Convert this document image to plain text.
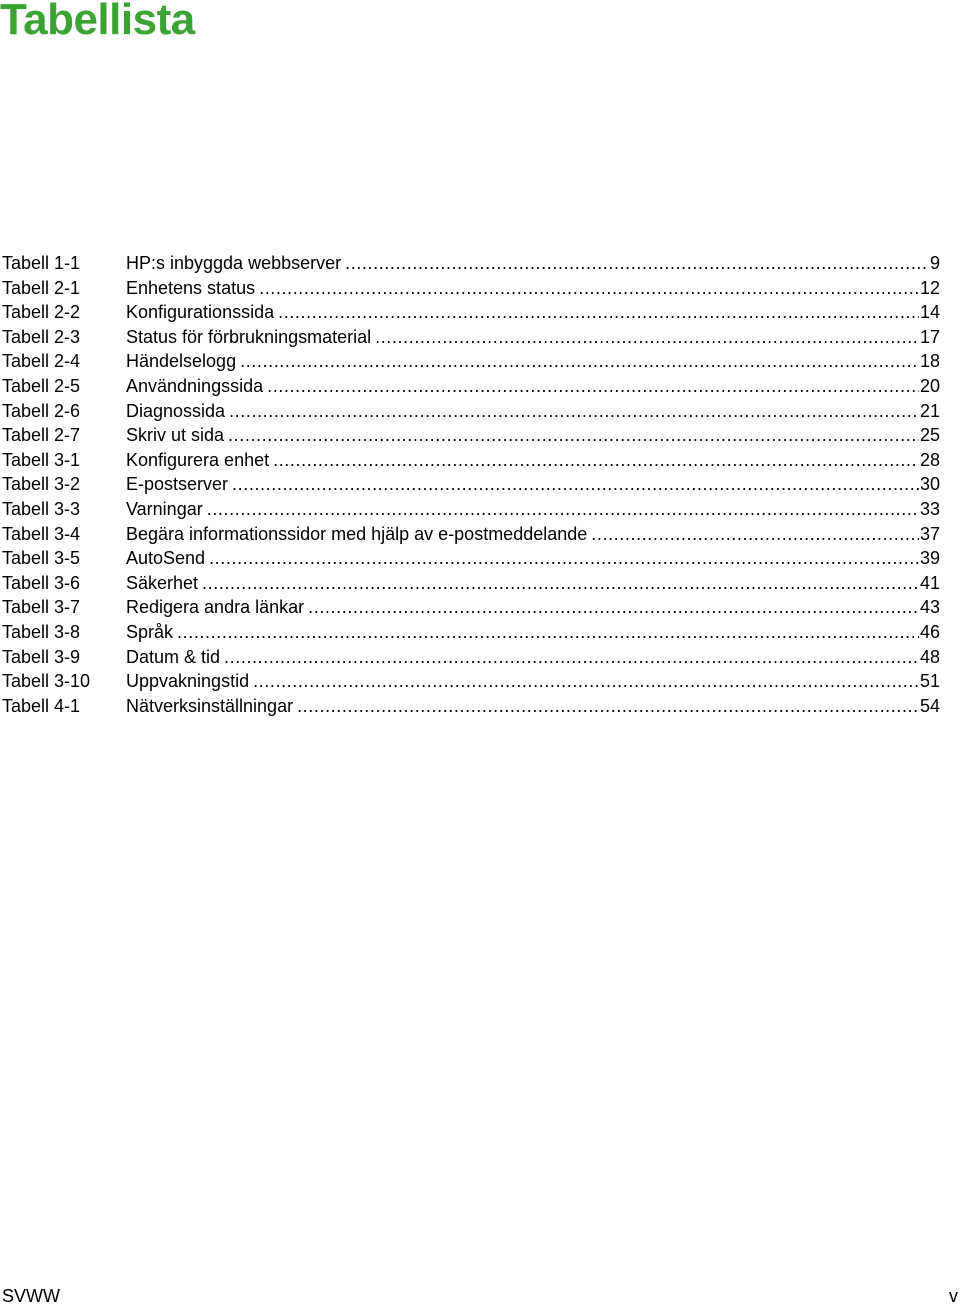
Tabellista
Tabell 1-1	HP:s inbyggda webbserver .....	9
Tabell 2-1	Enhetens status .....	12
Tabell 2-2	Konfigurationssida .....	14
Tabell 2-3	Status för förbrukningsmaterial .....	17
Tabell 2-4	Händelselogg .....	18
Tabell 2-5	Användningssida .....	20
Tabell 2-6	Diagnossida .....	21
Tabell 2-7	Skriv ut sida .....	25
Tabell 3-1	Konfigurera enhet .....	28
Tabell 3-2	E-postserver .....	30
Tabell 3-3	Varningar .....	33
Tabell 3-4	Begära informationssidor med hjälp av e-postmeddelande .....	37
Tabell 3-5	AutoSend .....	39
Tabell 3-6	Säkerhet .....	41
Tabell 3-7	Redigera andra länkar .....	43
Tabell 3-8	Språk .....	46
Tabell 3-9	Datum & tid .....	48
Tabell 3-10	Uppvakningstid .....	51
Tabell 4-1	Nätverksinställningar .....	54
SVWW	v
